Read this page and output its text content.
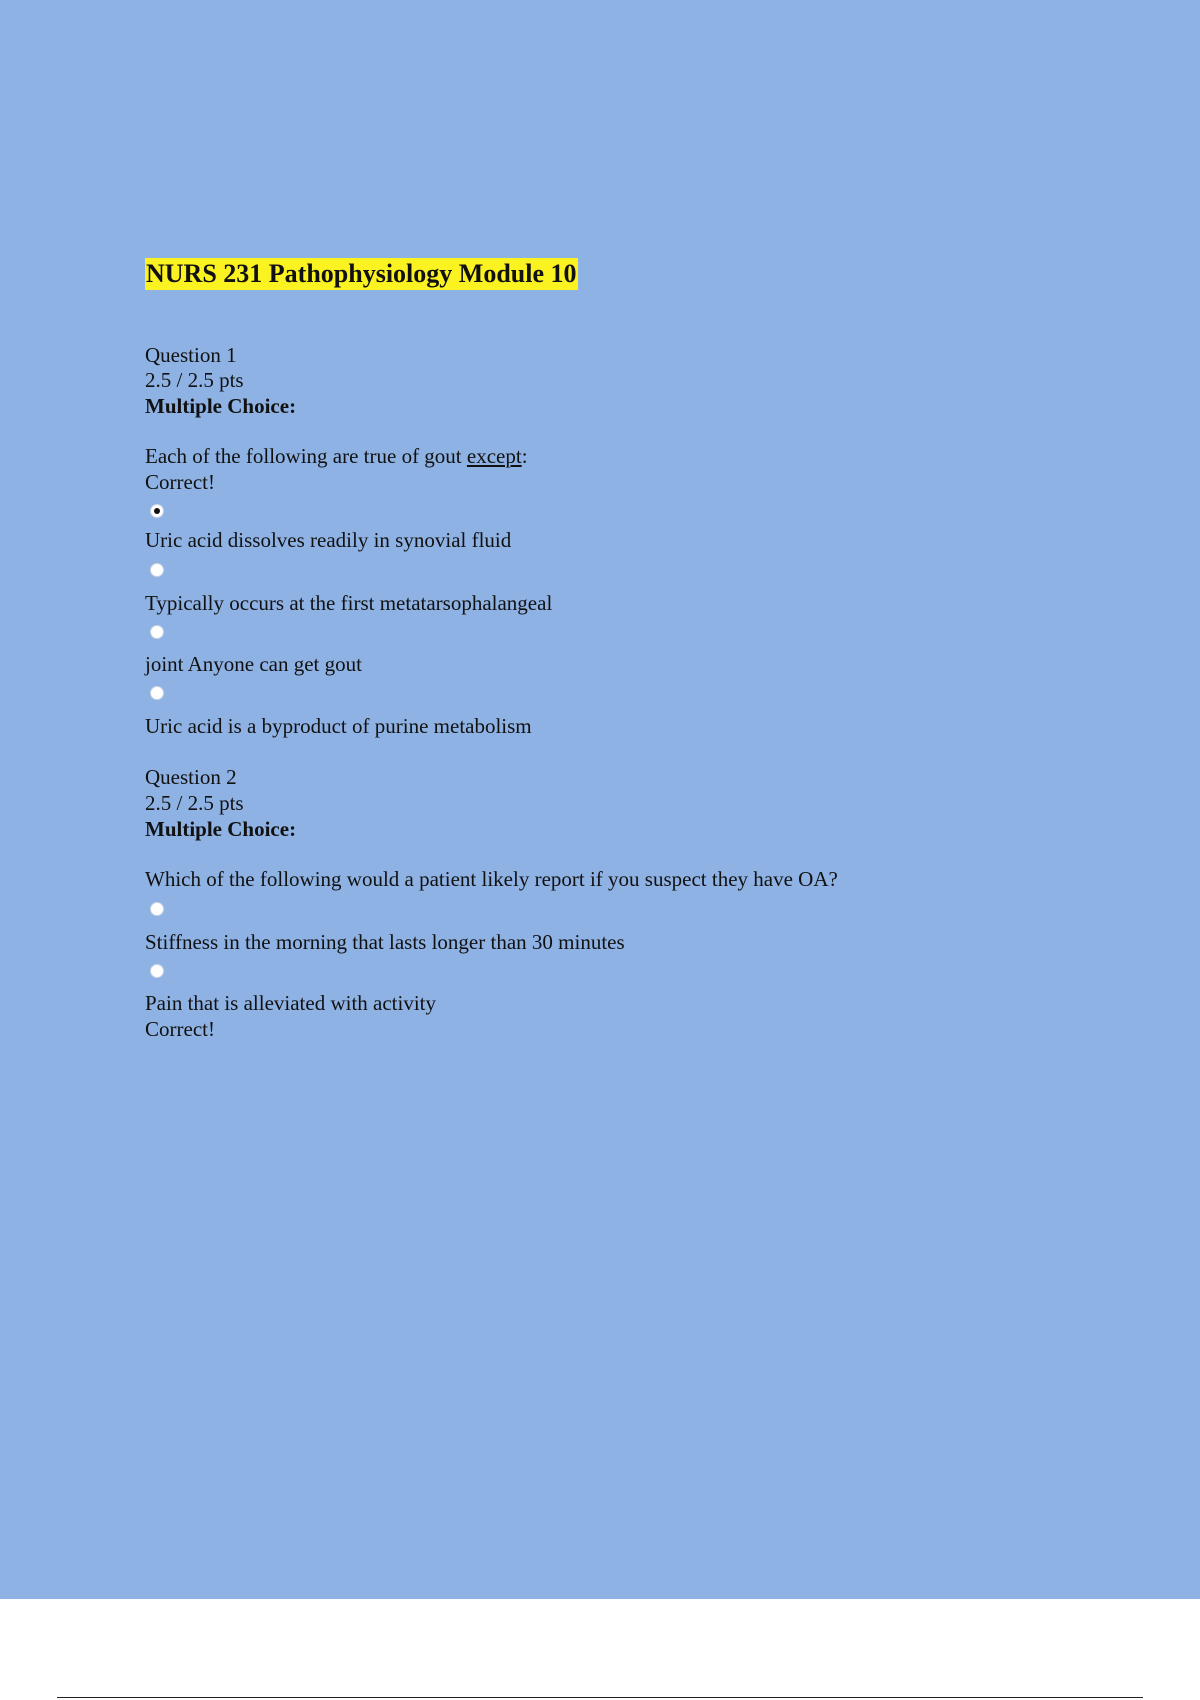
NURS 231 Pathophysiology Module 10
Question 1
2.5 / 2.5 pts
Multiple Choice:
Each of the following are true of gout except:
Correct!
Uric acid dissolves readily in synovial fluid
Typically occurs at the first metatarsophalangeal
joint Anyone can get gout
Uric acid is a byproduct of purine metabolism
Question 2
2.5 / 2.5 pts
Multiple Choice:
Which of the following would a patient likely report if you suspect they have OA?
Stiffness in the morning that lasts longer than 30 minutes
Pain that is alleviated with activity
Correct!
